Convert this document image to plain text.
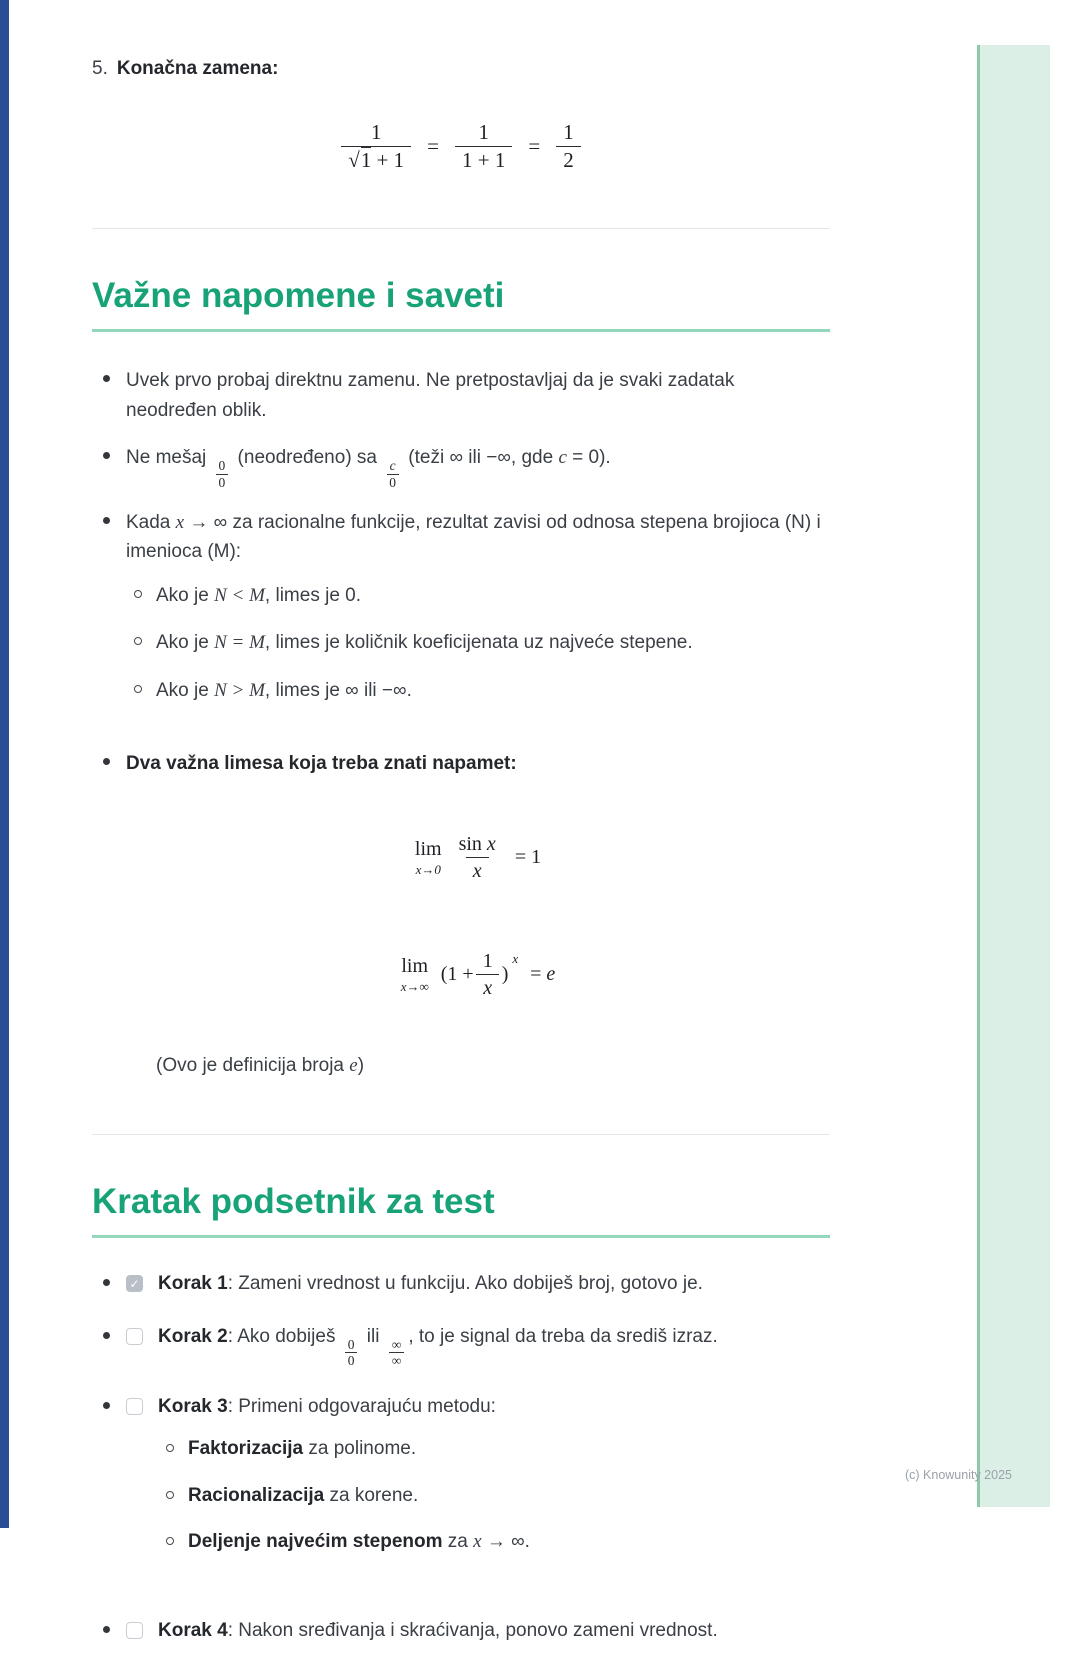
(c) Knowunity 2025
5. Konačna zamena:
$\frac{1}{√1 + 1} = \frac{1}{1 + 1} = \frac{1}{2}$
Važne napomene i saveti
Uvek prvo probaj direktnu zamenu. Ne pretpostavljaj da je svaki zadatak neodređen oblik.
Ne mešaj
$\frac{0}{0}$
(neodređeno) sa
$\frac{c}{0}$
(teži ∞ ili −∞, gde c = 0).
Kada x → ∞ za racionalne funkcije, rezultat zavisi od odnosa stepena brojioca (N) i imenioca (M):
Ako je N < M, limes je 0.
Ako je N = M, limes je količnik koeficijenata uz najveće stepene.
Ako je N > M, limes je ∞ ili −∞.
Dva važna limesa koja treba znati napamet:
lim
$x\to 0 \frac{\text{sin x}}{x} = 1$
lim
x→∞
($1 + \frac{1}{x}$ )
x
= e
(Ovo je definicija broja e)
Kratak podsetnik za test
✓ Korak 1: Zameni vrednost u funkciju. Ako dobiješ broj, gotovo je.
Korak 2: Ako dobiješ
$\frac{0}{0}$
ili ∞
∞
, to je signal da treba da središ izraz.
Korak 3: Primeni odgovarajuću metodu:
Faktorizacija za polinome.
Racionalizacija za korene.
Deljenje najvećim stepenom za x → ∞.
Korak 4: Nakon sređivanja i skraćivanja, ponovo zameni vrednost.
